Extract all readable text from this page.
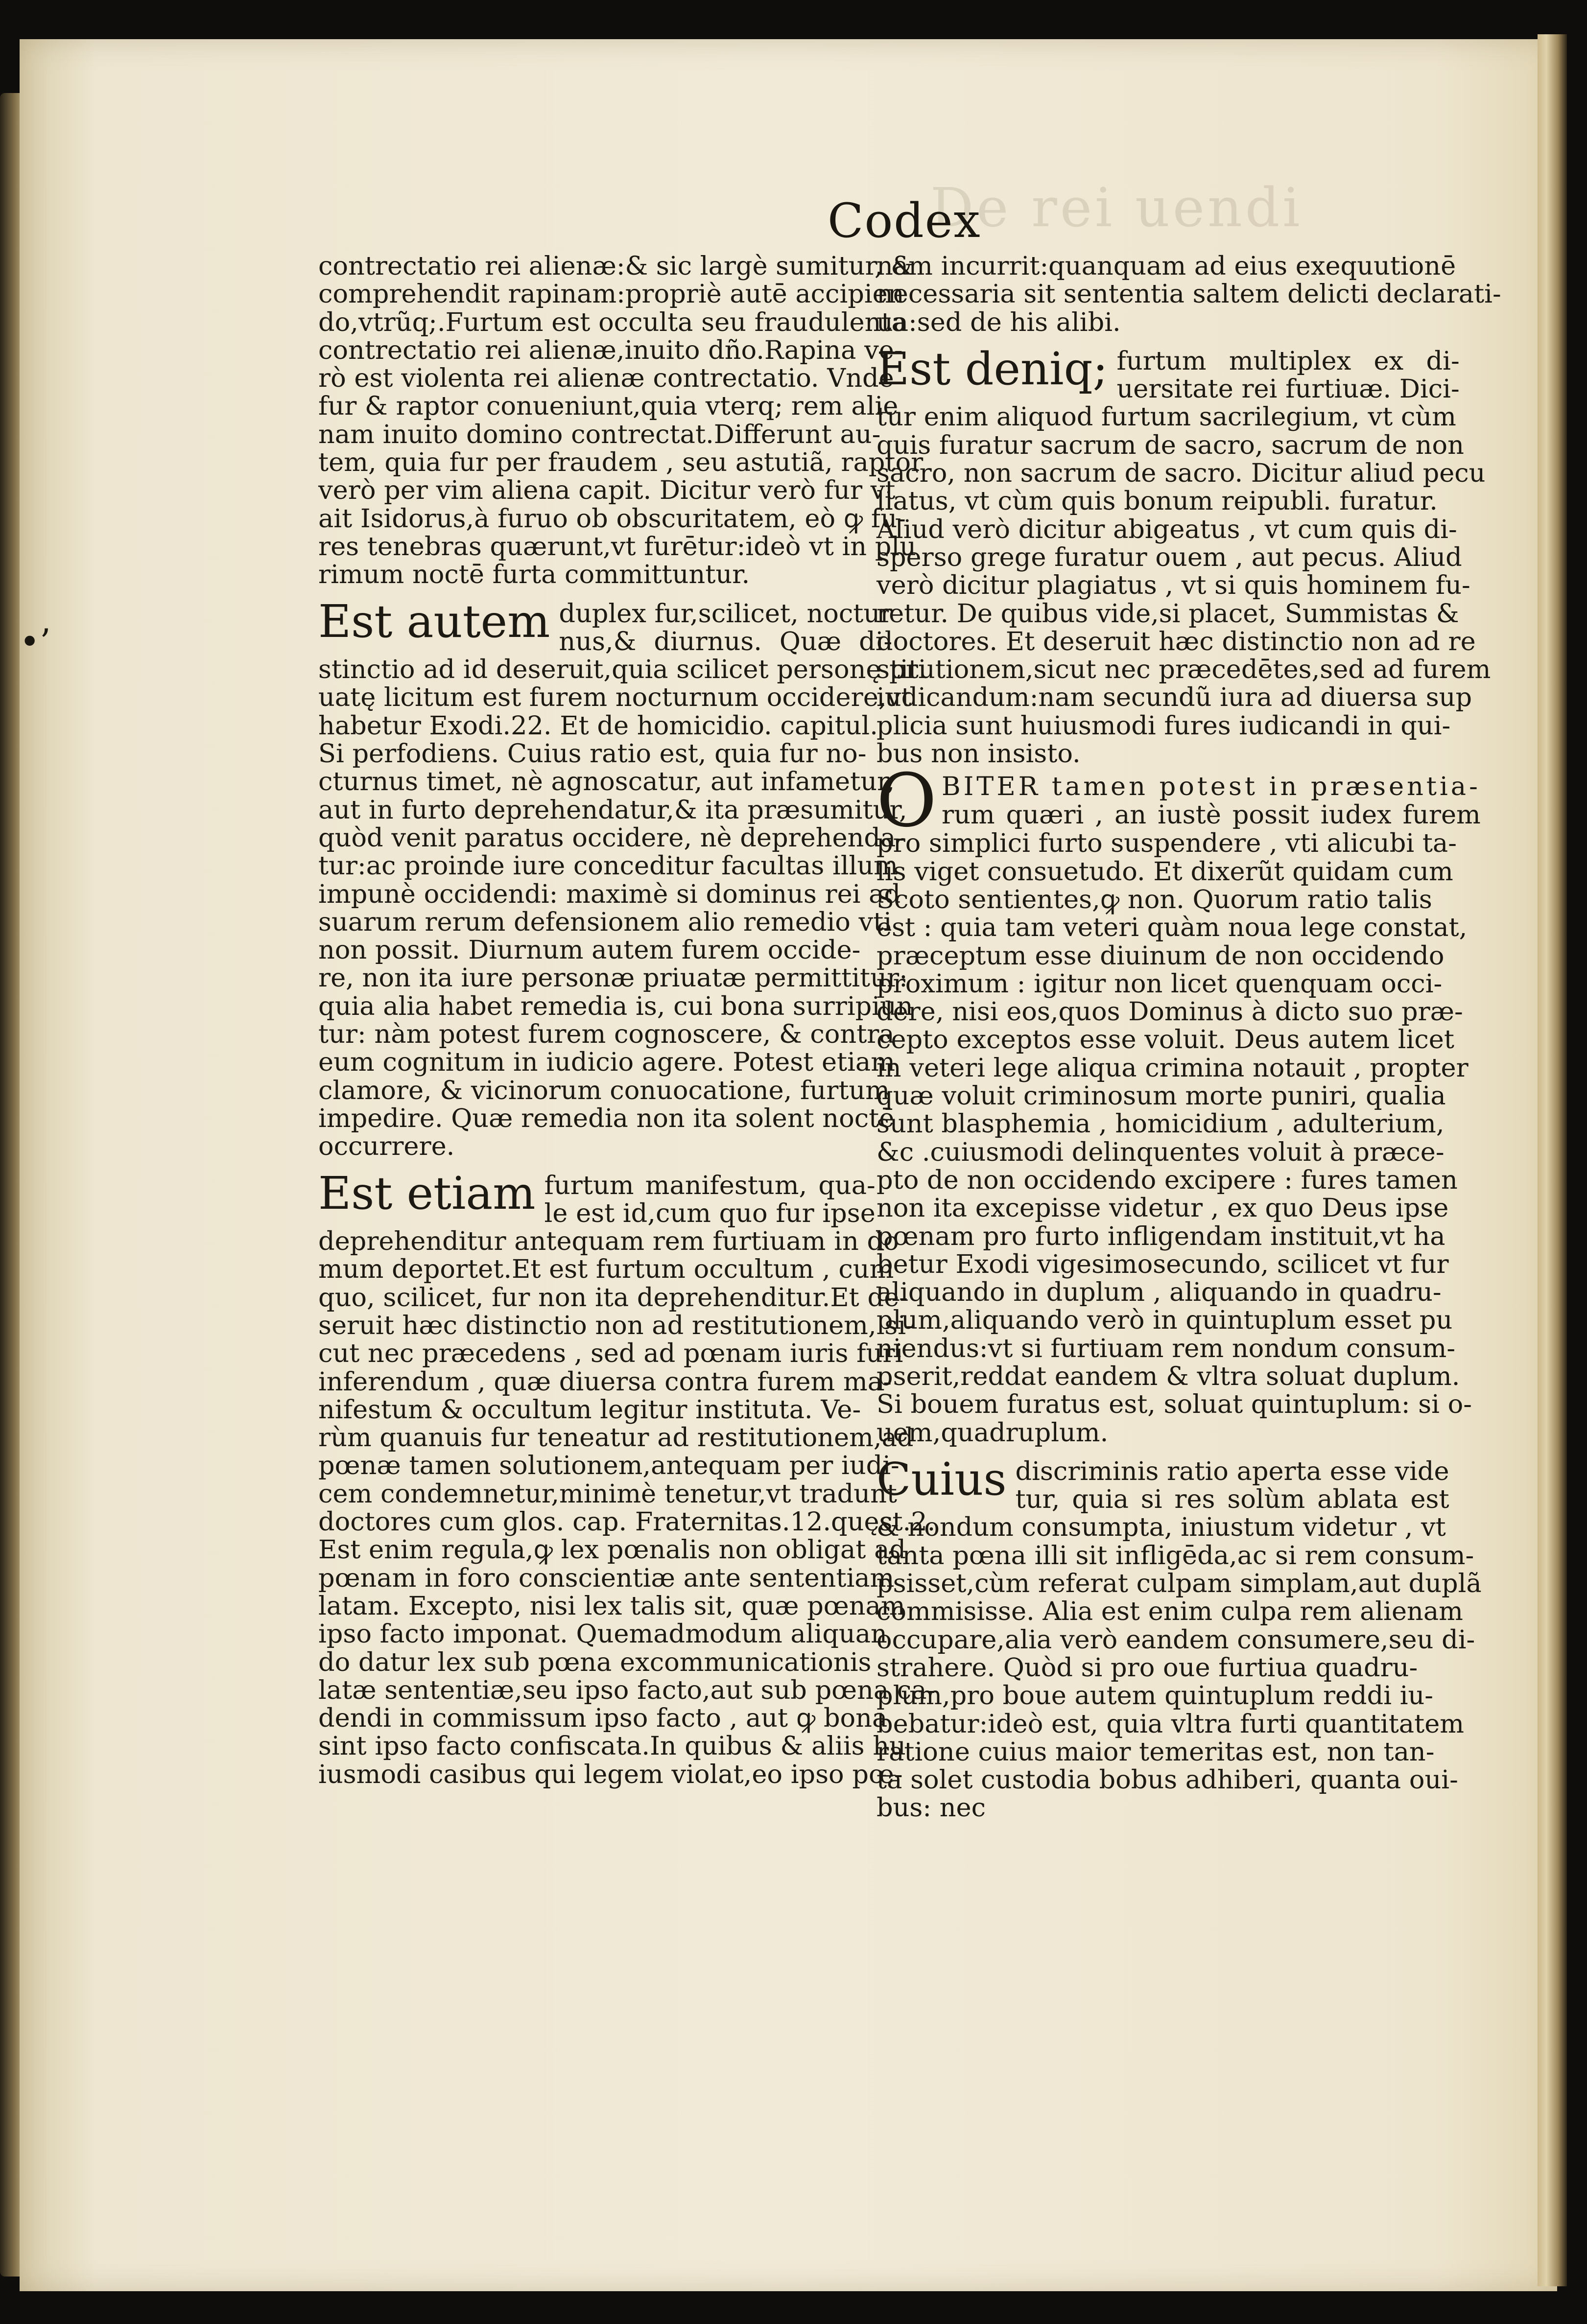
De rei uendi
Codex
•’

contrectatio rei alienæ:& sic largè sumitur, &
comprehendit rapinam:propriè autē accipien
do,vtrũq;.Furtum est occulta seu fraudulenta
contrectatio rei alienæ,inuito dño.Rapina ve-
rò est violenta rei alienæ contrectatio. Vnde
fur & raptor conueniunt,quia vterq; rem alie
nam inuito domino contrectat.Differunt au-
tem, quia fur per fraudem , seu astutiã, raptor
verò per vim aliena capit. Dicitur verò fur vt
ait Isidorus,à furuo ob obscuritatem, eò ꝙ fu-
res tenebras quærunt,vt furētur:ideò vt in plu
rimum noctē furta committuntur.

Est autem duplex fur,scilicet, noctur
nus,& diurnus. Quæ di-

stinctio ad id deseruit,quia scilicet personę pri
uatę licitum est furem nocturnum occidere,vt
habetur Exodi.22. Et de homicidio. capitul.
Si perfodiens. Cuius ratio est, quia fur no-
cturnus timet, nè agnoscatur, aut infametur,
aut in furto deprehendatur,& ita præsumitur,
quòd venit paratus occidere, nè deprehenda-
tur:ac proinde iure conceditur facultas illum
impunè occidendi: maximè si dominus rei ad
suarum rerum defensionem alio remedio vti
non possit. Diurnum autem furem occide-
re, non ita iure personæ priuatæ permittitur:
quia alia habet remedia is, cui bona surripiun
tur: nàm potest furem cognoscere, & contra
eum cognitum in iudicio agere. Potest etiam
clamore, & vicinorum conuocatione, furtum
impedire. Quæ remedia non ita solent noctē
occurrere.

Est etiam furtum manifestum, qua-
le est id,cum quo fur ipse

deprehenditur antequam rem furtiuam in do
mum deportet.Et est furtum occultum , cum
quo, scilicet, fur non ita deprehenditur.Et de-
seruit hæc distinctio non ad restitutionem, si-
cut nec præcedens , sed ad pœnam iuris furi
inferendum , quæ diuersa contra furem ma-
nifestum & occultum legitur instituta. Ve-
rùm quanuis fur teneatur ad restitutionem,ad
pœnæ tamen solutionem,antequam per iudi-
cem condemnetur,minimè tenetur,vt tradunt
doctores cum glos. cap. Fraternitas.12.quęst.2.
Est enim regula,ꝙ lex pœnalis non obligat ad
pœnam in foro conscientiæ ante sententiam
latam. Excepto, nisi lex talis sit, quæ pœnam
ipso facto imponat. Quemadmodum aliquan
do datur lex sub pœna excommunicationis
latæ sententiæ,seu ipso facto,aut sub pœna ca-
dendi in commissum ipso facto , aut ꝙ bona
sint ipso facto confiscata.In quibus & aliis hu
iusmodi casibus qui legem violat,eo ipso pœ-

nam incurrit:quanquam ad eius exequutionē
necessaria sit sententia saltem delicti declarati-
ua:sed de his alibi.

Est deniq; furtum multiplex ex di-
uersitate rei furtiuæ. Dici-

tur enim aliquod furtum sacrilegium, vt cùm
quis furatur sacrum de sacro, sacrum de non
sacro, non sacrum de sacro. Dicitur aliud pecu
liatus, vt cùm quis bonum reipubli. furatur.
Aliud verò dicitur abigeatus , vt cum quis di-
sperso grege furatur ouem , aut pecus. Aliud
verò dicitur plagiatus , vt si quis hominem fu-
retur. De quibus vide,si placet, Summistas &
doctores. Et deseruit hæc distinctio non ad re
stitutionem,sicut nec præcedētes,sed ad furem
iudicandum:nam secundũ iura ad diuersa sup
plicia sunt huiusmodi fures iudicandi in qui-
bus non insisto.

O BITER tamen potest in præsentia-
rum quæri , an iustè possit iudex furem

pro simplici furto suspendere , vti alicubi ta-
lis viget consuetudo. Et dixerũt quidam cum
Scoto sentientes,ꝙ non. Quorum ratio talis
est : quia tam veteri quàm noua lege constat,
præceptum esse diuinum de non occidendo
proximum : igitur non licet quenquam occi-
dere, nisi eos,quos Dominus à dicto suo præ-
cepto exceptos esse voluit. Deus autem licet
in veteri lege aliqua crimina notauit , propter
quæ voluit criminosum morte puniri, qualia
sunt blasphemia , homicidium , adulterium,
&c .cuiusmodi delinquentes voluit à præce-
pto de non occidendo excipere : fures tamen
non ita excepisse videtur , ex quo Deus ipse
pœnam pro furto infligendam instituit,vt ha
betur Exodi vigesimosecundo, scilicet vt fur
aliquando in duplum , aliquando in quadru-
plum,aliquando verò in quintuplum esset pu
niendus:vt si furtiuam rem nondum consum-
pserit,reddat eandem & vltra soluat duplum.
Si bouem furatus est, soluat quintuplum: si o-
uem,quadruplum.

Cuius discriminis ratio aperta esse vide
tur, quia si res solùm ablata est

& nondum consumpta, iniustum videtur , vt
tanta pœna illi sit infligēda,ac si rem consum-
psisset,cùm referat culpam simplam,aut duplã
commisisse. Alia est enim culpa rem alienam
occupare,alia verò eandem consumere,seu di-
strahere. Quòd si pro oue furtiua quadru-
plum,pro boue autem quintuplum reddi iu-
bebatur:ideò est, quia vltra furti quantitatem
ratione cuius maior temeritas est, non tan-
ta solet custodia bobus adhiberi, quanta oui-
bus: nec
